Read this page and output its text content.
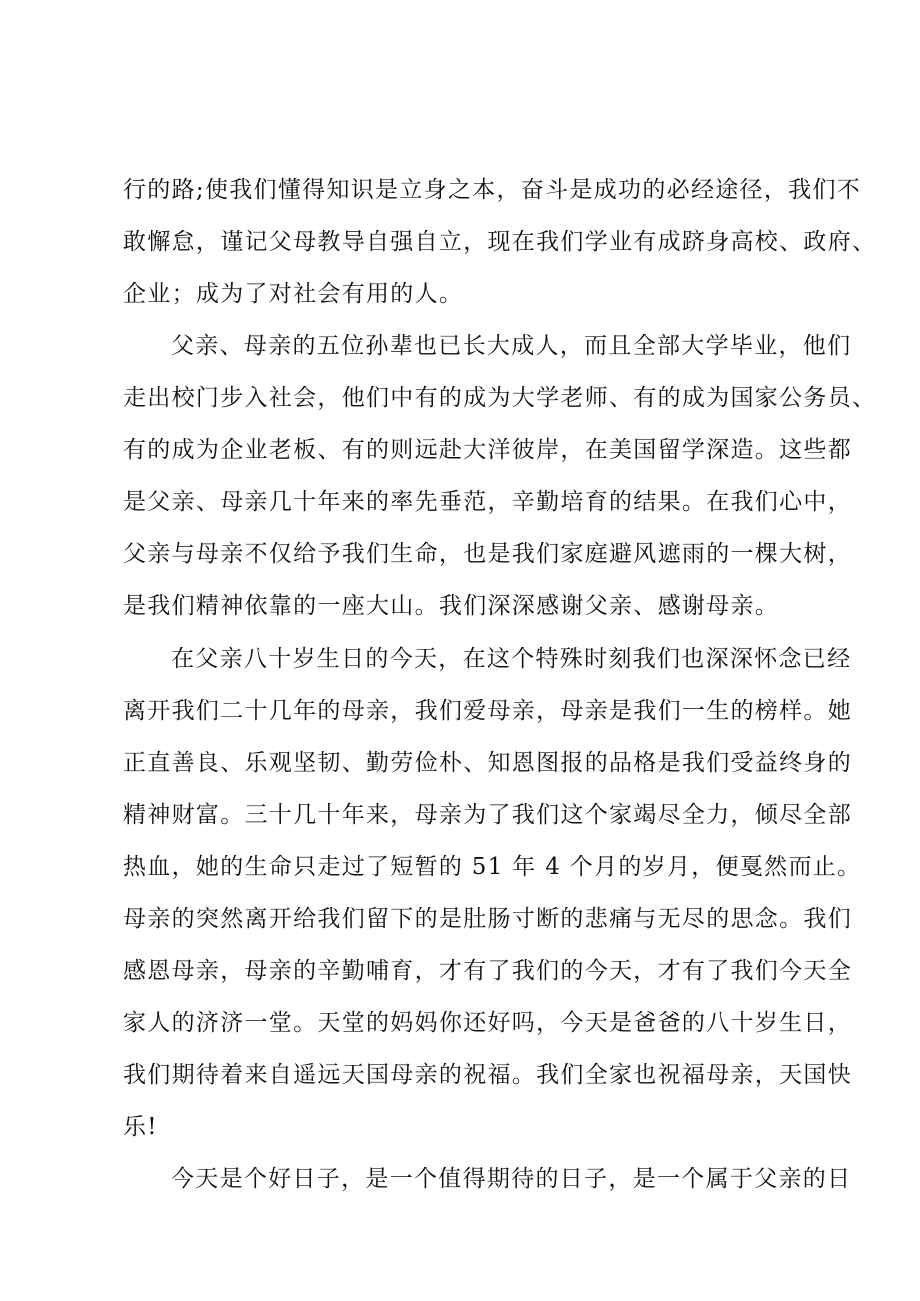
行的路;使我们懂得知识是立身之本，奋斗是成功的必经途径，我们不
敢懈怠，谨记父母教导自强自立，现在我们学业有成跻身高校、政府、
企业；成为了对社会有用的人。
父亲、母亲的五位孙辈也已长大成人，而且全部大学毕业，他们
走出校门步入社会，他们中有的成为大学老师、有的成为国家公务员、
有的成为企业老板、有的则远赴大洋彼岸，在美国留学深造。这些都
是父亲、母亲几十年来的率先垂范，辛勤培育的结果。在我们心中，
父亲与母亲不仅给予我们生命，也是我们家庭避风遮雨的一棵大树，
是我们精神依靠的一座大山。我们深深感谢父亲、感谢母亲。
在父亲八十岁生日的今天，在这个特殊时刻我们也深深怀念已经
离开我们二十几年的母亲，我们爱母亲，母亲是我们一生的榜样。她
正直善良、乐观坚韧、勤劳俭朴、知恩图报的品格是我们受益终身的
精神财富。三十几十年来，母亲为了我们这个家竭尽全力，倾尽全部
热血，她的生命只走过了短暂的 51 年 4 个月的岁月，便戛然而止。
母亲的突然离开给我们留下的是肚肠寸断的悲痛与无尽的思念。我们
感恩母亲，母亲的辛勤哺育，才有了我们的今天，才有了我们今天全
家人的济济一堂。天堂的妈妈你还好吗，今天是爸爸的八十岁生日，
我们期待着来自遥远天国母亲的祝福。我们全家也祝福母亲，天国快
乐!
今天是个好日子，是一个值得期待的日子，是一个属于父亲的日
